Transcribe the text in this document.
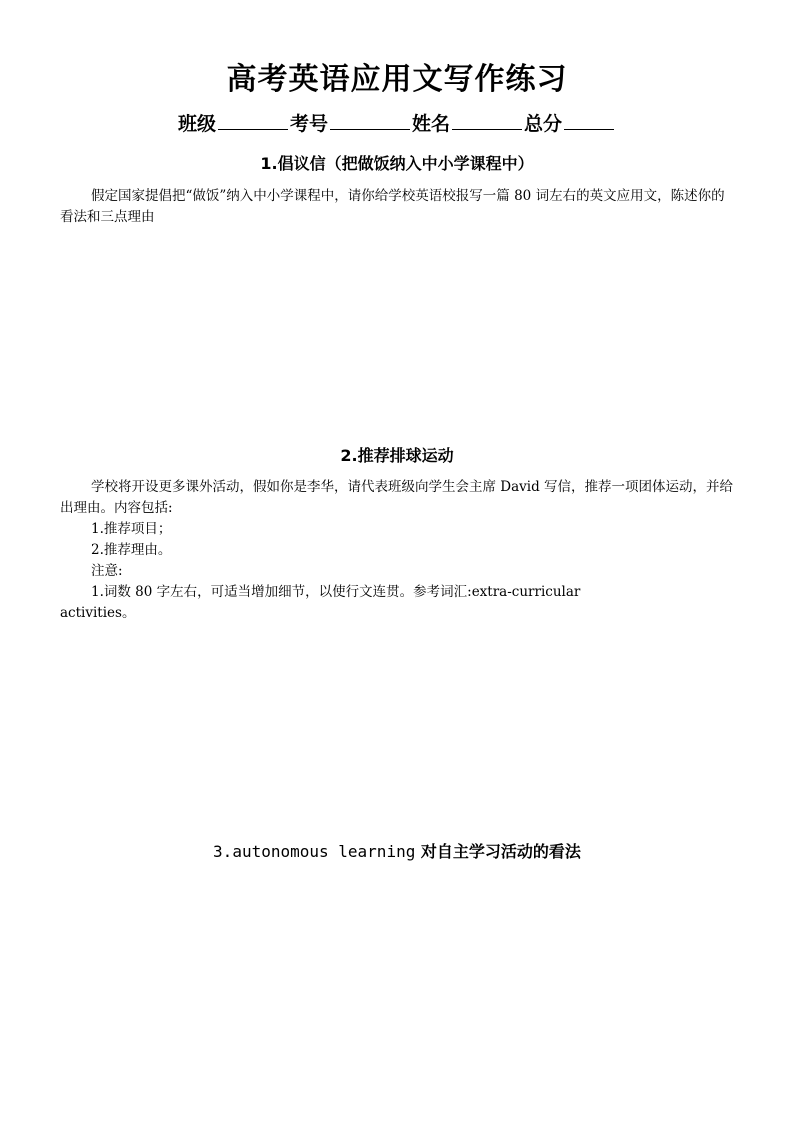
高考英语应用文写作练习
班级	考号	姓名	总分
1.倡议信（把做饭纳入中小学课程中）

假定国家提倡把“做饭”纳入中小学课程中，请你给学校英语校报写一篇 80 词左右的英文应用文，陈述你的看法和三点理由

2.推荐排球运动

学校将开设更多课外活动，假如你是李华，请代表班级向学生会主席 David 写信，推荐一项团体运动，并给出理由。内容包括:

1.推荐项目；
2.推荐理由。
注意:
1.词数 80 字左右，可适当增加细节，以使行文连贯。参考词汇:extra-curricular
activities。
3.autonomous learning 对自主学习活动的看法
